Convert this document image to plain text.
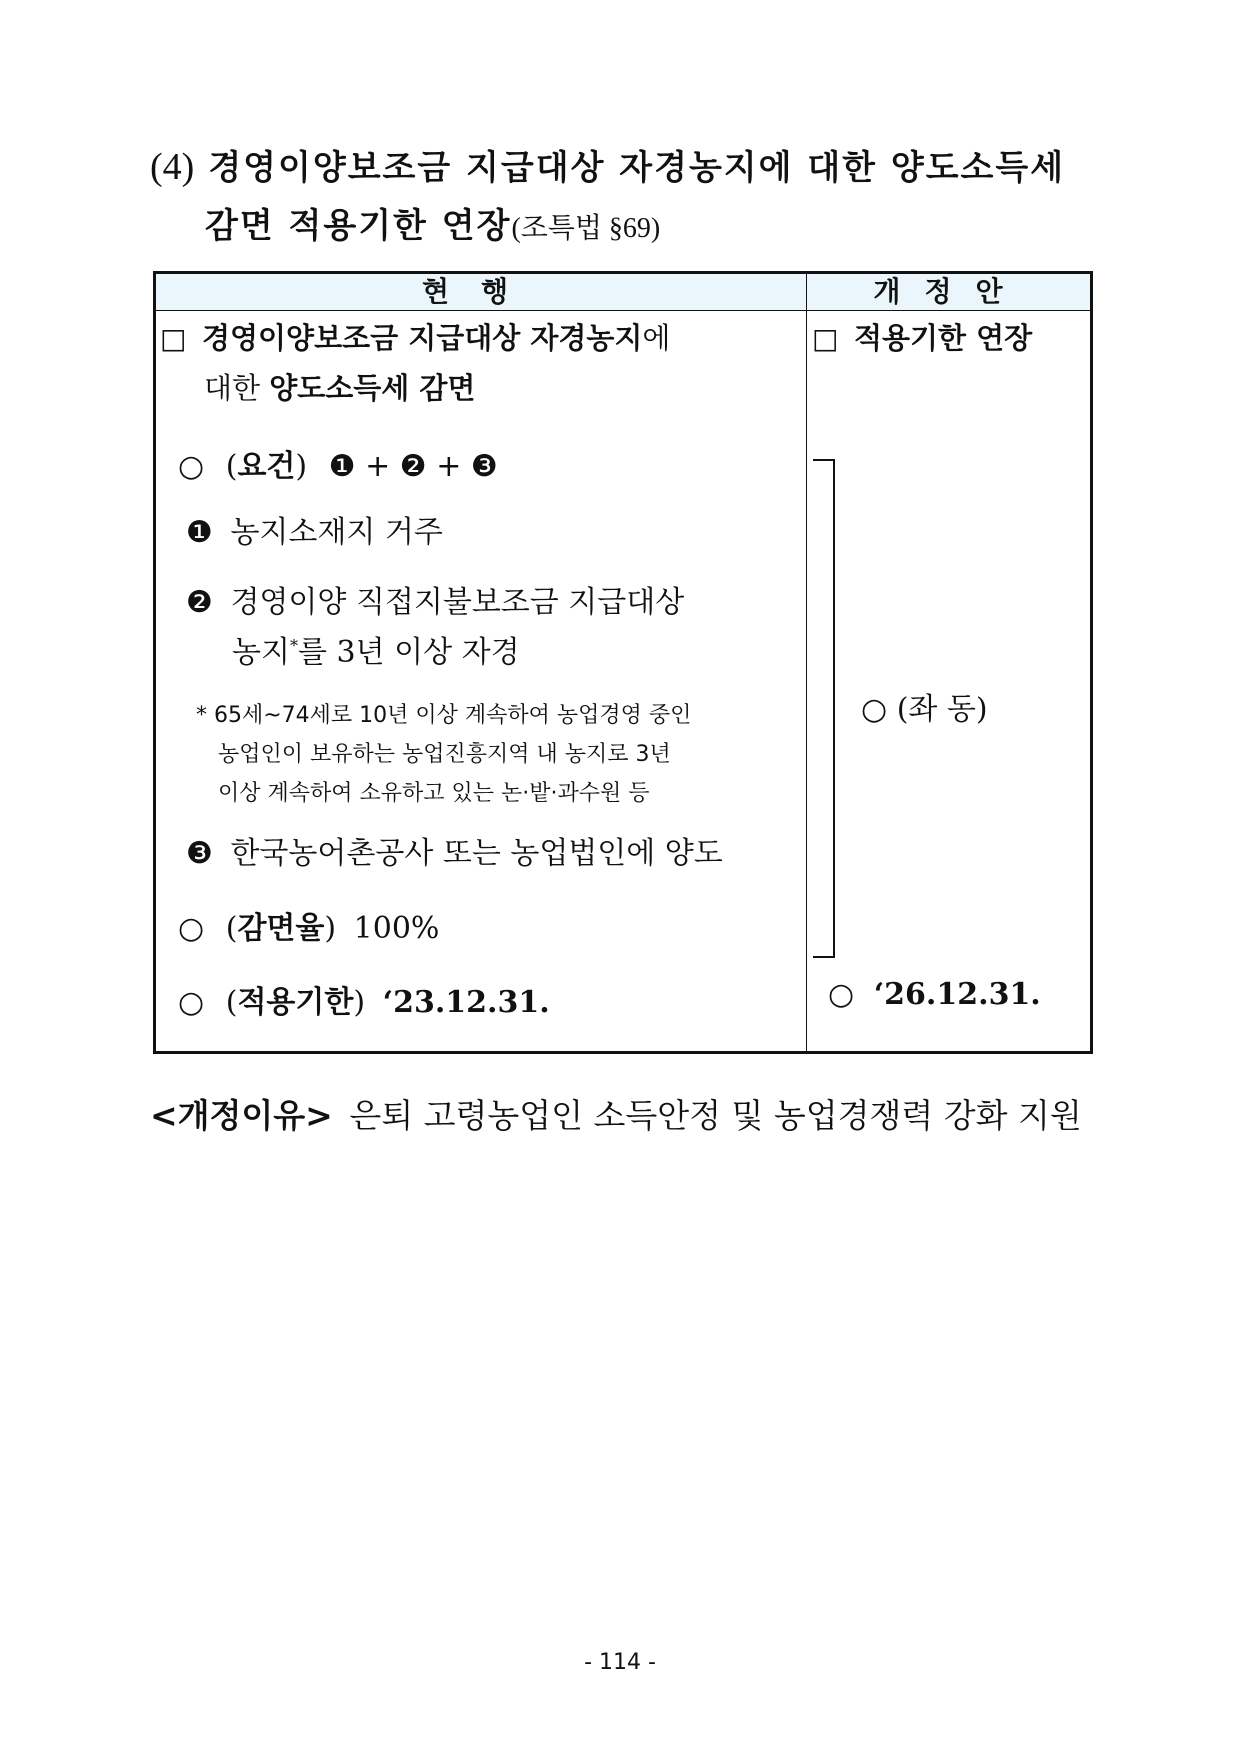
(4) 경영이양보조금 지급대상 자경농지에 대한 양도소득세
감면 적용기한 연장(조특법 §69)
현행	개정안
□ 경영이양보조금 지급대상 자경농지에
대한 양도소득세 감면
○ (요건) ❶ + ❷ + ❸
❶ 농지소재지 거주
❷ 경영이양 직접지불보조금 지급대상
농지*를 3년 이상 자경
* 65세~74세로 10년 이상 계속하여 농업경영 중인
농업인이 보유하는 농업진흥지역 내 농지로 3년
이상 계속하여 소유하고 있는 논·밭·과수원 등
❸ 한국농어촌공사 또는 농업법인에 양도
○ (감면율) 100%
○ (적용기한) ‘23.12.31.
□ 적용기한 연장
○ (좌 동)
○ ‘26.12.31.
<개정이유> 은퇴 고령농업인 소득안정 및 농업경쟁력 강화 지원
- 114 -
